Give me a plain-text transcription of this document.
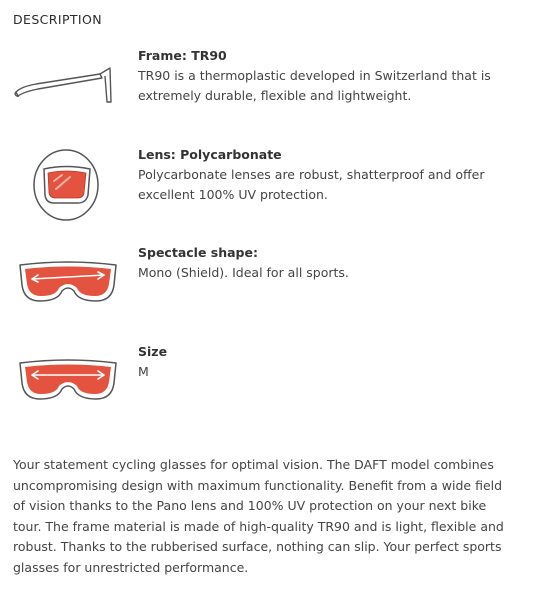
DESCRIPTION
Frame: TR90
TR90 is a thermoplastic developed in Switzerland that is extremely durable, flexible and lightweight.
Lens: Polycarbonate
Polycarbonate lenses are robust, shatterproof and offer excellent 100% UV protection.
Spectacle shape:
Mono (Shield). Ideal for all sports.
Size
M
Your statement cycling glasses for optimal vision. The DAFT model combines uncompromising design with maximum functionality. Benefit from a wide field of vision thanks to the Pano lens and 100% UV protection on your next bike tour. The frame material is made of high-quality TR90 and is light, flexible and robust. Thanks to the rubberised surface, nothing can slip. Your perfect sports glasses for unrestricted performance.
